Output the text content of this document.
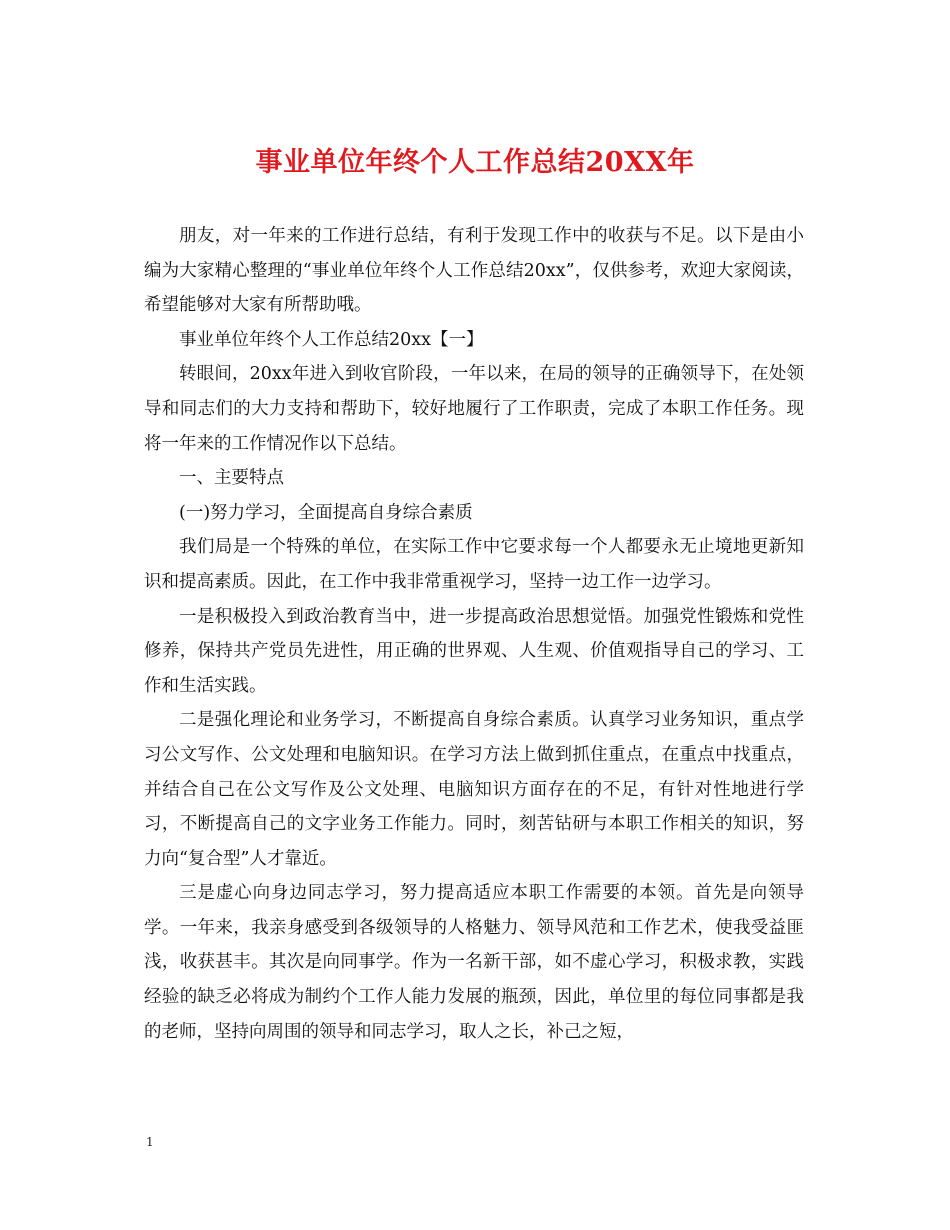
事业单位年终个人工作总结20XX年

朋友，对一年来的工作进行总结，有利于发现工作中的收获与不足。以下是由小编为大家精心整理的“事业单位年终个人工作总结20xx”，仅供参考，欢迎大家阅读，希望能够对大家有所帮助哦。

事业单位年终个人工作总结20xx【一】

转眼间，20xx年进入到收官阶段，一年以来，在局的领导的正确领导下，在处领导和同志们的大力支持和帮助下，较好地履行了工作职责，完成了本职工作任务。现将一年来的工作情况作以下总结。

一、主要特点

(一)努力学习，全面提高自身综合素质

我们局是一个特殊的单位，在实际工作中它要求每一个人都要永无止境地更新知识和提高素质。因此，在工作中我非常重视学习，坚持一边工作一边学习。

一是积极投入到政治教育当中，进一步提高政治思想觉悟。加强党性锻炼和党性修养，保持共产党员先进性，用正确的世界观、人生观、价值观指导自己的学习、工作和生活实践。

二是强化理论和业务学习，不断提高自身综合素质。认真学习业务知识，重点学习公文写作、公文处理和电脑知识。在学习方法上做到抓住重点，在重点中找重点，并结合自己在公文写作及公文处理、电脑知识方面存在的不足，有针对性地进行学习，不断提高自己的文字业务工作能力。同时，刻苦钻研与本职工作相关的知识，努力向“复合型”人才靠近。

三是虚心向身边同志学习，努力提高适应本职工作需要的本领。首先是向领导学。一年来，我亲身感受到各级领导的人格魅力、领导风范和工作艺术，使我受益匪浅，收获甚丰。其次是向同事学。作为一名新干部，如不虚心学习，积极求教，实践经验的缺乏必将成为制约个工作人能力发展的瓶颈，因此，单位里的每位同事都是我的老师，坚持向周围的领导和同志学习，取人之长，补己之短，

1
